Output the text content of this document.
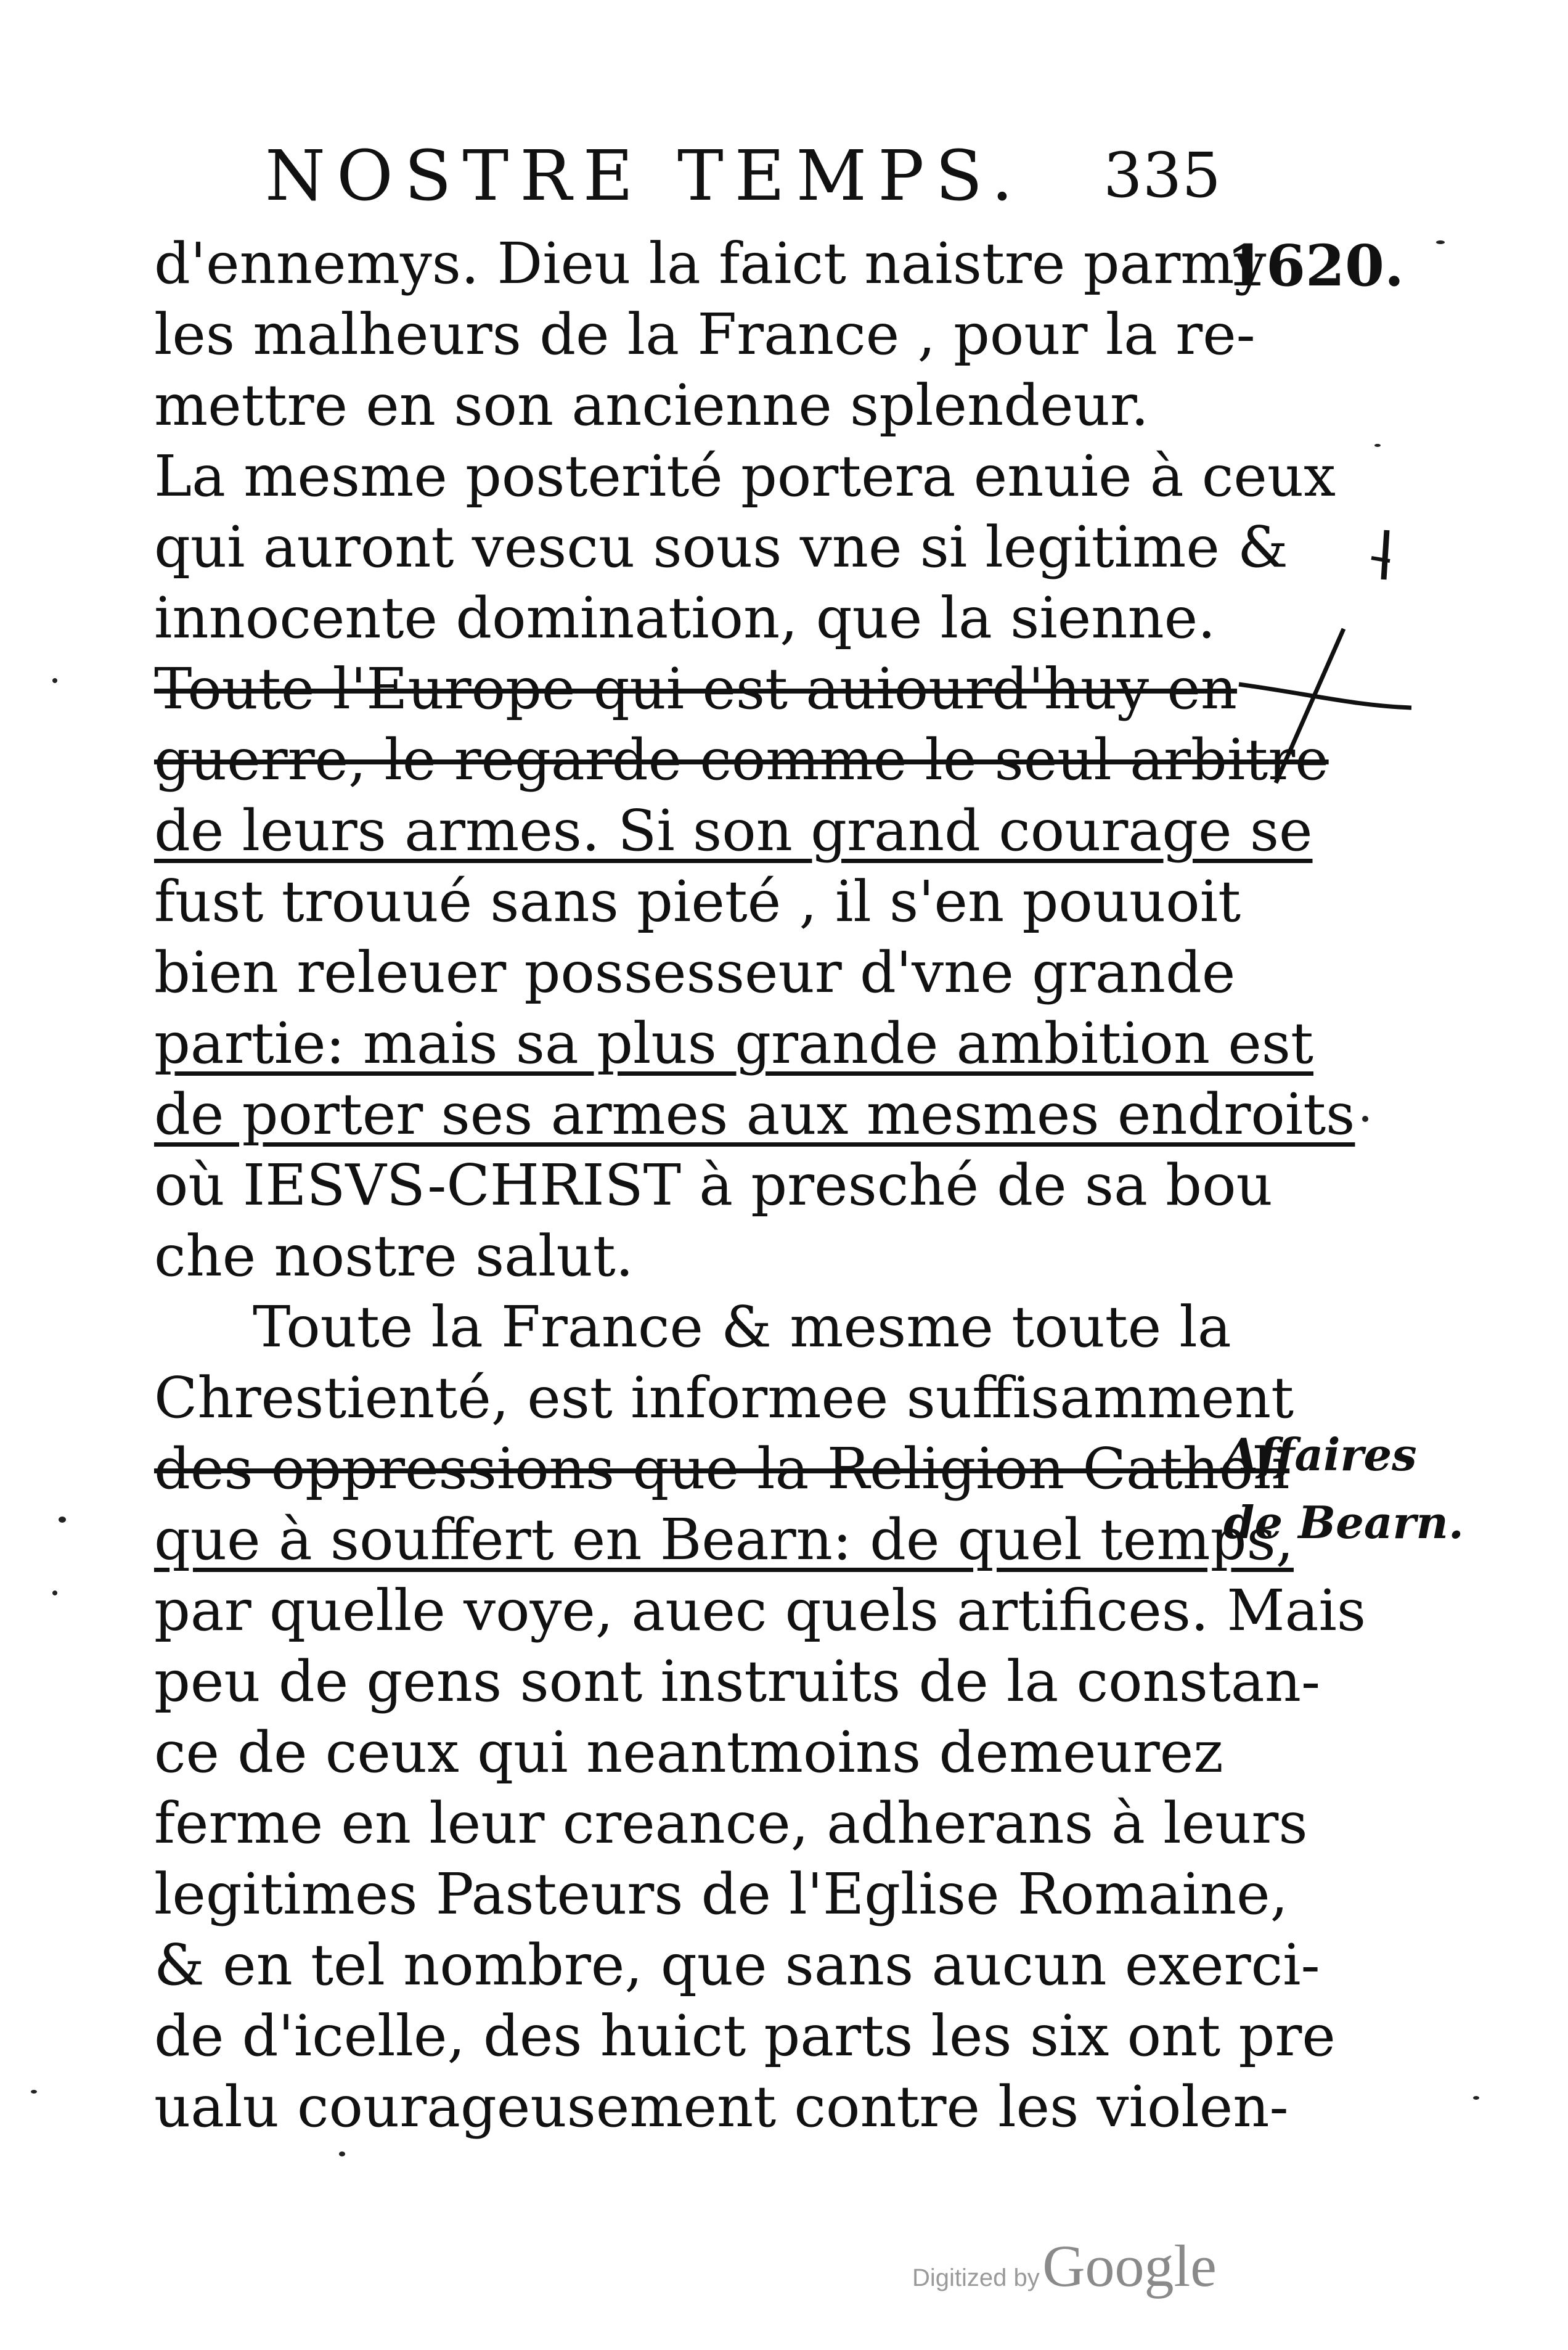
NOSTRE TEMPS. 335
1620.
d'ennemys. Dieu la faict naistre parmy
les malheurs de la France , pour la re-
mettre en son ancienne splendeur.
La mesme posterité portera enuie à ceux
qui auront vescu sous vne si legitime &
innocente domination, que la sienne.
Toute l'Europe qui est auiourd'huy en
guerre, le regarde comme le seul arbitre
de leurs armes. Si son grand courage se
fust trouué sans pieté , il s'en pouuoit
bien releuer possesseur d'vne grande
partie: mais sa plus grande ambition est
de porter ses armes aux mesmes endroits
où IESVS-CHRIST à presché de sa bou
che nostre salut.
Toute la France & mesme toute la
Chrestienté, est informee suffisamment
des oppressions que la Religion Catholi
que à souffert en Bearn: de quel temps,
par quelle voye, auec quels artifices. Mais
peu de gens sont instruits de la constan-
ce de ceux qui neantmoins demeurez
ferme en leur creance, adherans à leurs
legitimes Pasteurs de l'Eglise Romaine,
& en tel nombre, que sans aucun exerci-
de d'icelle, des huict parts les six ont pre
ualu courageusement contre les violen-
Affaires
de Bearn.
Digitized by Google
